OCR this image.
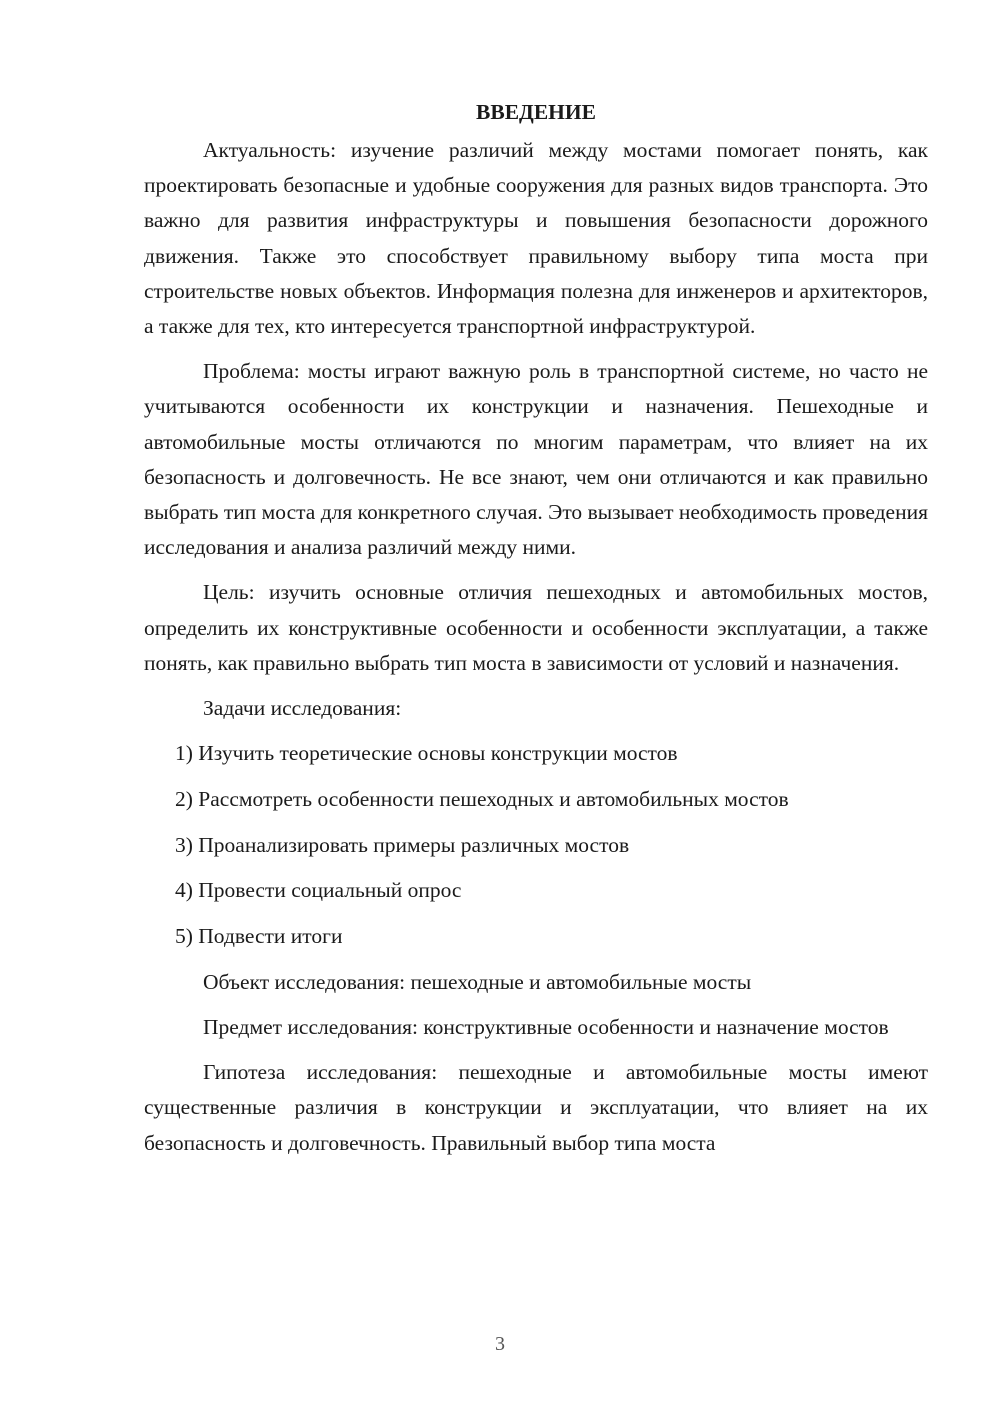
ВВЕДЕНИЕ

Актуальность: изучение различий между мостами помогает понять, как проектировать безопасные и удобные сооружения для разных видов транспорта. Это важно для развития инфраструктуры и повышения безопасности дорожного движения. Также это способствует правильному выбору типа моста при строительстве новых объектов. Информация полезна для инженеров и архитекторов, а также для тех, кто интересуется транспортной инфраструктурой.

Проблема: мосты играют важную роль в транспортной системе, но часто не учитываются особенности их конструкции и назначения. Пешеходные и автомобильные мосты отличаются по многим параметрам, что влияет на их безопасность и долговечность. Не все знают, чем они отличаются и как правильно выбрать тип моста для конкретного случая. Это вызывает необходимость проведения исследования и анализа различий между ними.

Цель: изучить основные отличия пешеходных и автомобильных мостов, определить их конструктивные особенности и особенности эксплуатации, а также понять, как правильно выбрать тип моста в зависимости от условий и назначения.

Задачи исследования:

1) Изучить теоретические основы конструкции мостов
2) Рассмотреть особенности пешеходных и автомобильных мостов
3) Проанализировать примеры различных мостов
4) Провести социальный опрос
5) Подвести итоги

Объект исследования: пешеходные и автомобильные мосты

Предмет исследования: конструктивные особенности и назначение мостов

Гипотеза исследования: пешеходные и автомобильные мосты имеют существенные различия в конструкции и эксплуатации, что влияет на их безопасность и долговечность. Правильный выбор типа моста

3
